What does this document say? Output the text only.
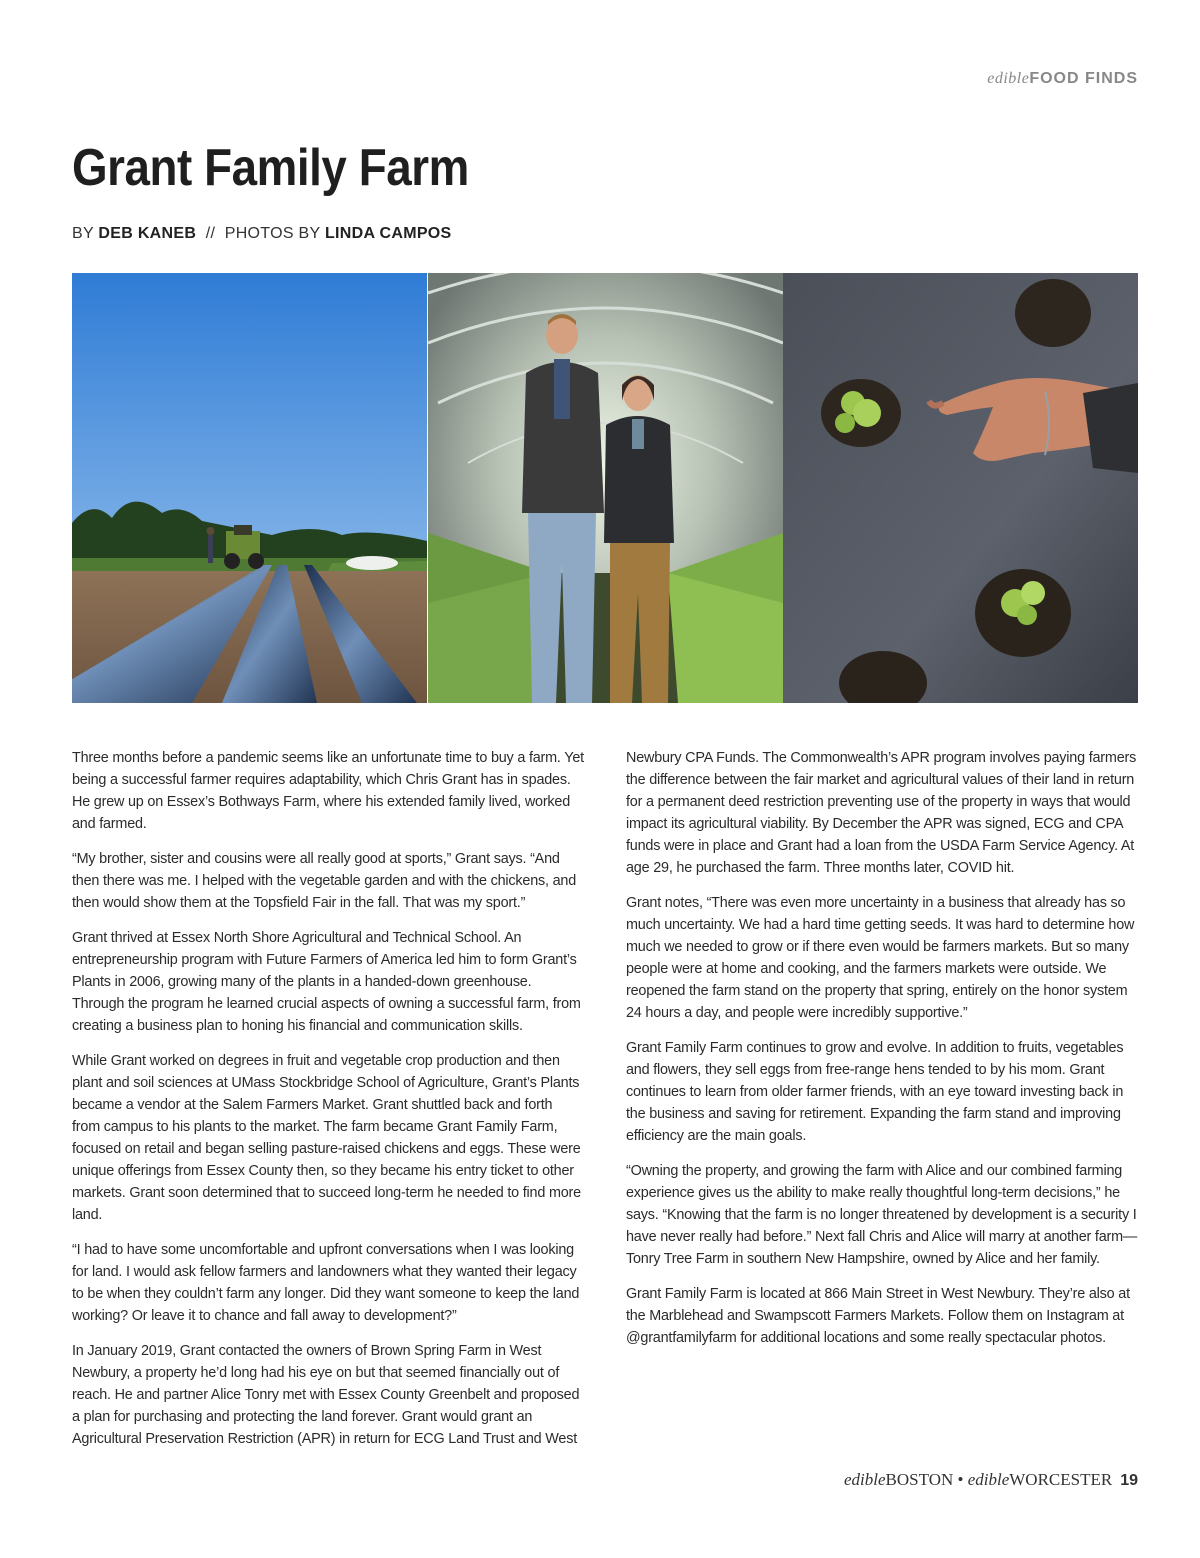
edibleFOOD FINDS
Grant Family Farm
BY DEB KANEB // PHOTOS BY LINDA CAMPOS

Three months before a pandemic seems like an unfortunate time to buy a farm. Yet being a successful farmer requires adaptability, which Chris Grant has in spades. He grew up on Essex’s Bothways Farm, where his extended family lived, worked and farmed.

“My brother, sister and cousins were all really good at sports,” Grant says. “And then there was me. I helped with the vegetable garden and with the chickens, and then would show them at the Topsfield Fair in the fall. That was my sport.”

Grant thrived at Essex North Shore Agricultural and Technical School. An entrepreneurship program with Future Farmers of America led him to form Grant’s Plants in 2006, growing many of the plants in a handed-down greenhouse. Through the program he learned crucial aspects of owning a successful farm, from creating a business plan to honing his financial and communication skills.

While Grant worked on degrees in fruit and vegetable crop production and then plant and soil sciences at UMass Stockbridge School of Agriculture, Grant’s Plants became a vendor at the Salem Farmers Market. Grant shuttled back and forth from campus to his plants to the market. The farm became Grant Family Farm, focused on retail and began selling pasture-raised chickens and eggs. These were unique offerings from Essex County then, so they became his entry ticket to other markets. Grant soon determined that to succeed long-term he needed to find more land.

“I had to have some uncomfortable and upfront conversations when I was looking for land. I would ask fellow farmers and landowners what they wanted their legacy to be when they couldn’t farm any longer. Did they want someone to keep the land working? Or leave it to chance and fall away to development?”

In January 2019, Grant contacted the owners of Brown Spring Farm in West Newbury, a property he’d long had his eye on but that seemed financially out of reach. He and partner Alice Tonry met with Essex County Greenbelt and proposed a plan for purchasing and protecting the land forever. Grant would grant an Agricultural Preservation Restriction (APR) in return for ECG Land Trust and West

Newbury CPA Funds. The Commonwealth’s APR program involves paying farmers the difference between the fair market and agricultural values of their land in return for a permanent deed restriction preventing use of the property in ways that would impact its agricultural viability. By December the APR was signed, ECG and CPA funds were in place and Grant had a loan from the USDA Farm Service Agency. At age 29, he purchased the farm. Three months later, COVID hit.

Grant notes, “There was even more uncertainty in a business that already has so much uncertainty. We had a hard time getting seeds. It was hard to determine how much we needed to grow or if there even would be farmers markets. But so many people were at home and cooking, and the farmers markets were outside. We reopened the farm stand on the property that spring, entirely on the honor system 24 hours a day, and people were incredibly supportive.”

Grant Family Farm continues to grow and evolve. In addition to fruits, vegetables and flowers, they sell eggs from free-range hens tended to by his mom. Grant continues to learn from older farmer friends, with an eye toward investing back in the business and saving for retirement. Expanding the farm stand and improving efficiency are the main goals.

“Owning the property, and growing the farm with Alice and our combined farming experience gives us the ability to make really thoughtful long-term decisions,” he says. “Knowing that the farm is no longer threatened by development is a security I have never really had before.” Next fall Chris and Alice will marry at another farm—Tonry Tree Farm in southern New Hampshire, owned by Alice and her family.

Grant Family Farm is located at 866 Main Street in West Newbury. They’re also at the Marblehead and Swampscott Farmers Markets. Follow them on Instagram at @grantfamilyfarm for additional locations and some really spectacular photos.

edibleBOSTON • edibleWORCESTER 19
